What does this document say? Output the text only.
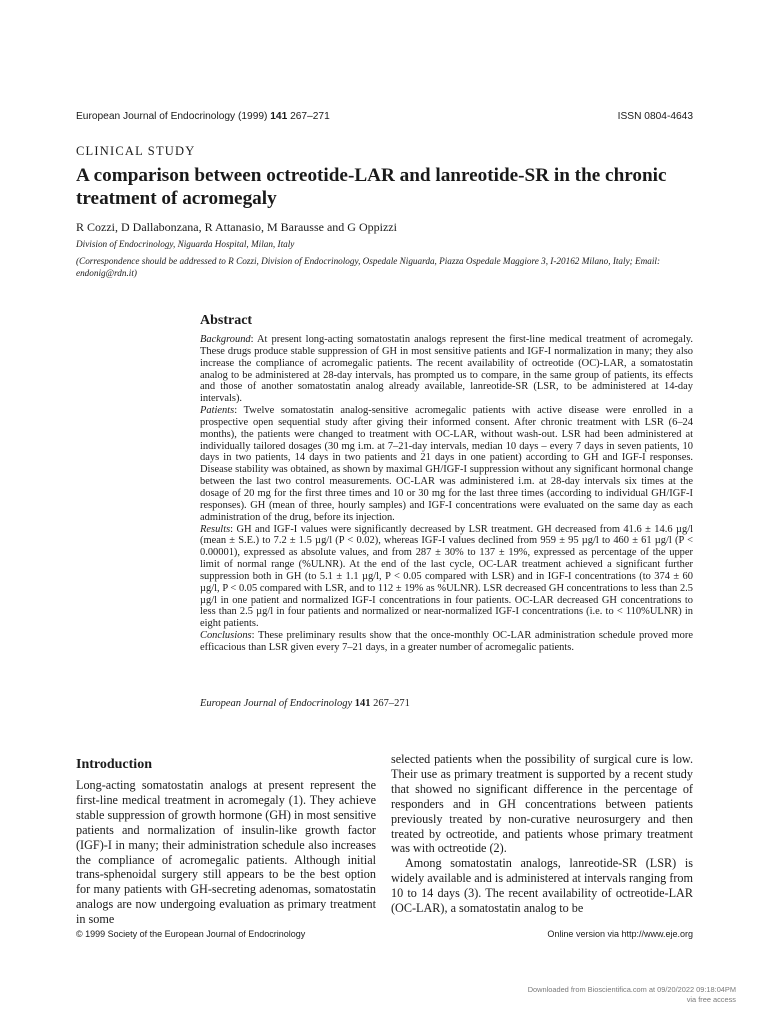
European Journal of Endocrinology (1999) 141 267–271	ISSN 0804-4643
CLINICAL STUDY
A comparison between octreotide-LAR and lanreotide-SR in the chronic treatment of acromegaly
R Cozzi, D Dallabonzana, R Attanasio, M Barausse and G Oppizzi
Division of Endocrinology, Niguarda Hospital, Milan, Italy
(Correspondence should be addressed to R Cozzi, Division of Endocrinology, Ospedale Niguarda, Piazza Ospedale Maggiore 3, I-20162 Milano, Italy; Email: endonig@rdn.it)
Abstract

Background: At present long-acting somatostatin analogs represent the first-line medical treatment of acromegaly. These drugs produce stable suppression of GH in most sensitive patients and IGF-I normalization in many; they also increase the compliance of acromegalic patients. The recent availability of octreotide (OC)-LAR, a somatostatin analog to be administered at 28-day intervals, has prompted us to compare, in the same group of patients, its effects and those of another somatostatin analog already available, lanreotide-SR (LSR, to be administered at 14-day intervals).

Patients: Twelve somatostatin analog-sensitive acromegalic patients with active disease were enrolled in a prospective open sequential study after giving their informed consent. After chronic treatment with LSR (6–24 months), the patients were changed to treatment with OC-LAR, without wash-out. LSR had been administered at individually tailored dosages (30 mg i.m. at 7–21-day intervals, median 10 days – every 7 days in seven patients, 10 days in two patients, 14 days in two patients and 21 days in one patient) according to GH and IGF-I responses. Disease stability was obtained, as shown by maximal GH/IGF-I suppression without any significant hormonal change between the last two control measurements. OC-LAR was administered i.m. at 28-day intervals six times at the dosage of 20 mg for the first three times and 10 or 30 mg for the last three times (according to individual GH/IGF-I responses). GH (mean of three, hourly samples) and IGF-I concentrations were evaluated on the same day as each administration of the drug, before its injection.

Results: GH and IGF-I values were significantly decreased by LSR treatment. GH decreased from 41.6 ± 14.6 µg/l (mean ± S.E.) to 7.2 ± 1.5 µg/l (P < 0.02), whereas IGF-I values declined from 959 ± 95 µg/l to 460 ± 61 µg/l (P < 0.00001), expressed as absolute values, and from 287 ± 30% to 137 ± 19%, expressed as percentage of the upper limit of normal range (%ULNR). At the end of the last cycle, OC-LAR treatment achieved a significant further suppression both in GH (to 5.1 ± 1.1 µg/l, P < 0.05 compared with LSR) and in IGF-I concentrations (to 374 ± 60 µg/l, P < 0.05 compared with LSR, and to 112 ± 19% as %ULNR). LSR decreased GH concentrations to less than 2.5 µg/l in one patient and normalized IGF-I concentrations in four patients. OC-LAR decreased GH concentrations to less than 2.5 µg/l in four patients and normalized or near-normalized IGF-I concentrations (i.e. to < 110%ULNR) in eight patients.

Conclusions: These preliminary results show that the once-monthly OC-LAR administration schedule proved more efficacious than LSR given every 7–21 days, in a greater number of acromegalic patients.

European Journal of Endocrinology 141 267–271
Introduction
Long-acting somatostatin analogs at present represent the first-line medical treatment in acromegaly (1). They achieve stable suppression of growth hormone (GH) in most sensitive patients and normalization of insulin-like growth factor (IGF)-I in many; their administration schedule also increases the compliance of acromegalic patients. Although initial trans-sphenoidal surgery still appears to be the best option for many patients with GH-secreting adenomas, somatostatin analogs are now undergoing evaluation as primary treatment in some

selected patients when the possibility of surgical cure is low. Their use as primary treatment is supported by a recent study that showed no significant difference in the percentage of responders and in GH concentrations between patients previously treated by non-curative neurosurgery and then treated by octreotide, and patients whose primary treatment was with octreotide (2).

Among somatostatin analogs, lanreotide-SR (LSR) is widely available and is administered at intervals ranging from 10 to 14 days (3). The recent availability of octreotide-LAR (OC-LAR), a somatostatin analog to be

© 1999 Society of the European Journal of Endocrinology	Online version via http://www.eje.org
Downloaded from Bioscientifica.com at 09/20/2022 09:18:04PM
via free access
